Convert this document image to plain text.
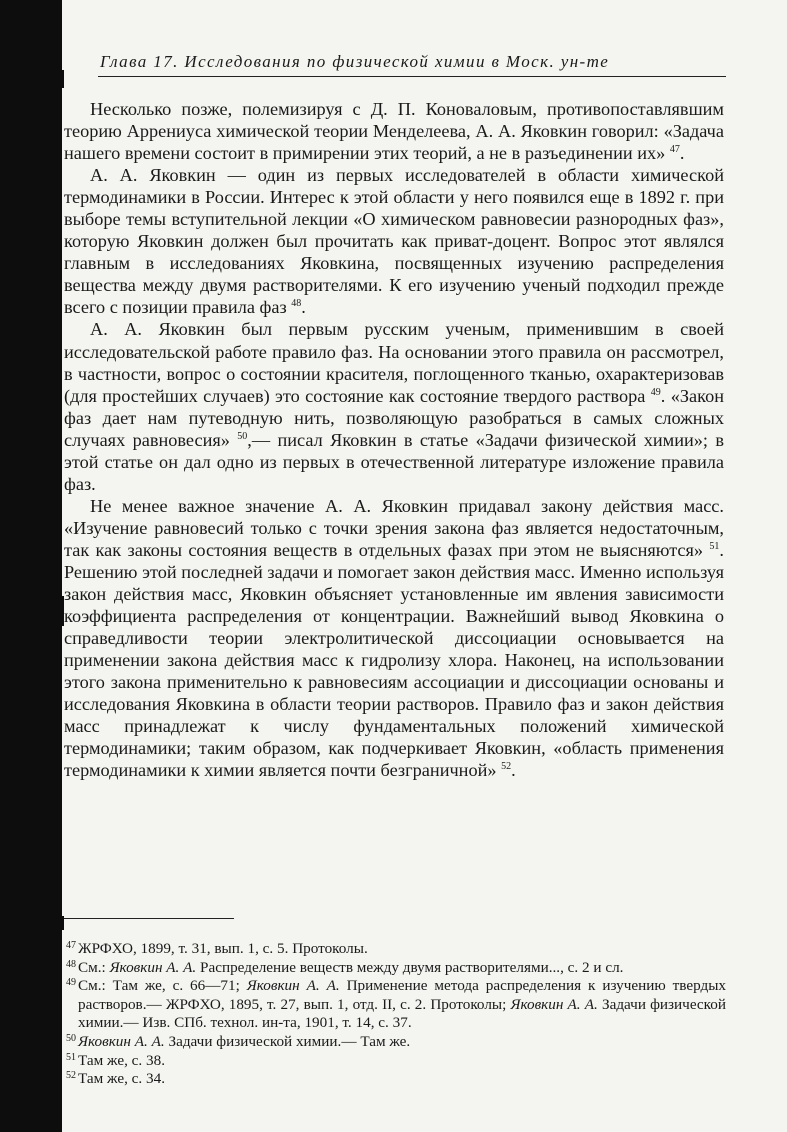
Глава 17. Исследования по физической химии в Моск. ун-те

Несколько позже, полемизируя с Д. П. Коноваловым, противопоставлявшим теорию Аррениуса химической теории Менделеева, А. А. Яковкин говорил: «Задача нашего времени состоит в примирении этих теорий, а не в разъединении их» $^{47}$.

А. А. Яковкин — один из первых исследователей в области химической термодинамики в России. Интерес к этой области у него появился еще в 1892 г. при выборе темы вступительной лекции «О химическом равновесии разнородных фаз», которую Яковкин должен был прочитать как приват-доцент. Вопрос этот являлся главным в исследованиях Яковкина, посвященных изучению распределения вещества между двумя растворителями. К его изучению ученый подходил прежде всего с позиции правила фаз $^{48}$.

А. А. Яковкин был первым русским ученым, применившим в своей исследовательской работе правило фаз. На основании этого правила он рассмотрел, в частности, вопрос о состоянии красителя, поглощенного тканью, охарактеризовав (для простейших случаев) это состояние как состояние твердого раствора $^{49}$. «Закон фаз дает нам путеводную нить, позволяющую разобраться в самых сложных случаях равновесия» $^{50}$,— писал Яковкин в статье «Задачи физической химии»; в этой статье он дал одно из первых в отечественной литературе изложение правила фаз.

Не менее важное значение А. А. Яковкин придавал закону действия масс. «Изучение равновесий только с точки зрения закона фаз является недостаточным, так как законы состояния веществ в отдельных фазах при этом не выясняются» $^{51}$. Решению этой последней задачи и помогает закон действия масс. Именно используя закон действия масс, Яковкин объясняет установленные им явления зависимости коэффициента распределения от концентрации. Важнейший вывод Яковкина о справедливости теории электролитической диссоциации основывается на применении закона действия масс к гидролизу хлора. Наконец, на использовании этого закона применительно к равновесиям ассоциации и диссоциации основаны и исследования Яковкина в области теории растворов. Правило фаз и закон действия масс принадлежат к числу фундаментальных положений химической термодинамики; таким образом, как подчеркивает Яковкин, «область применения термодинамики к химии является почти безграничной» $^{52}$.

47 ЖРФХО, 1899, т. 31, вып. 1, с. 5. Протоколы.
48 См.: Яковкин А. А. Распределение веществ между двумя растворителями..., с. 2 и сл.
49 См.: Там же, с. 66—71; Яковкин А. А. Применение метода распределения к изучению твердых растворов.— ЖРФХО, 1895, т. 27, вып. 1, отд. II, с. 2. Протоколы; Яковкин А. А. Задачи физической химии.— Изв. СПб. технол. ин-та, 1901, т. 14, с. 37.
50 Яковкин А. А. Задачи физической химии.— Там же.
51 Там же, с. 38.
52 Там же, с. 34.
